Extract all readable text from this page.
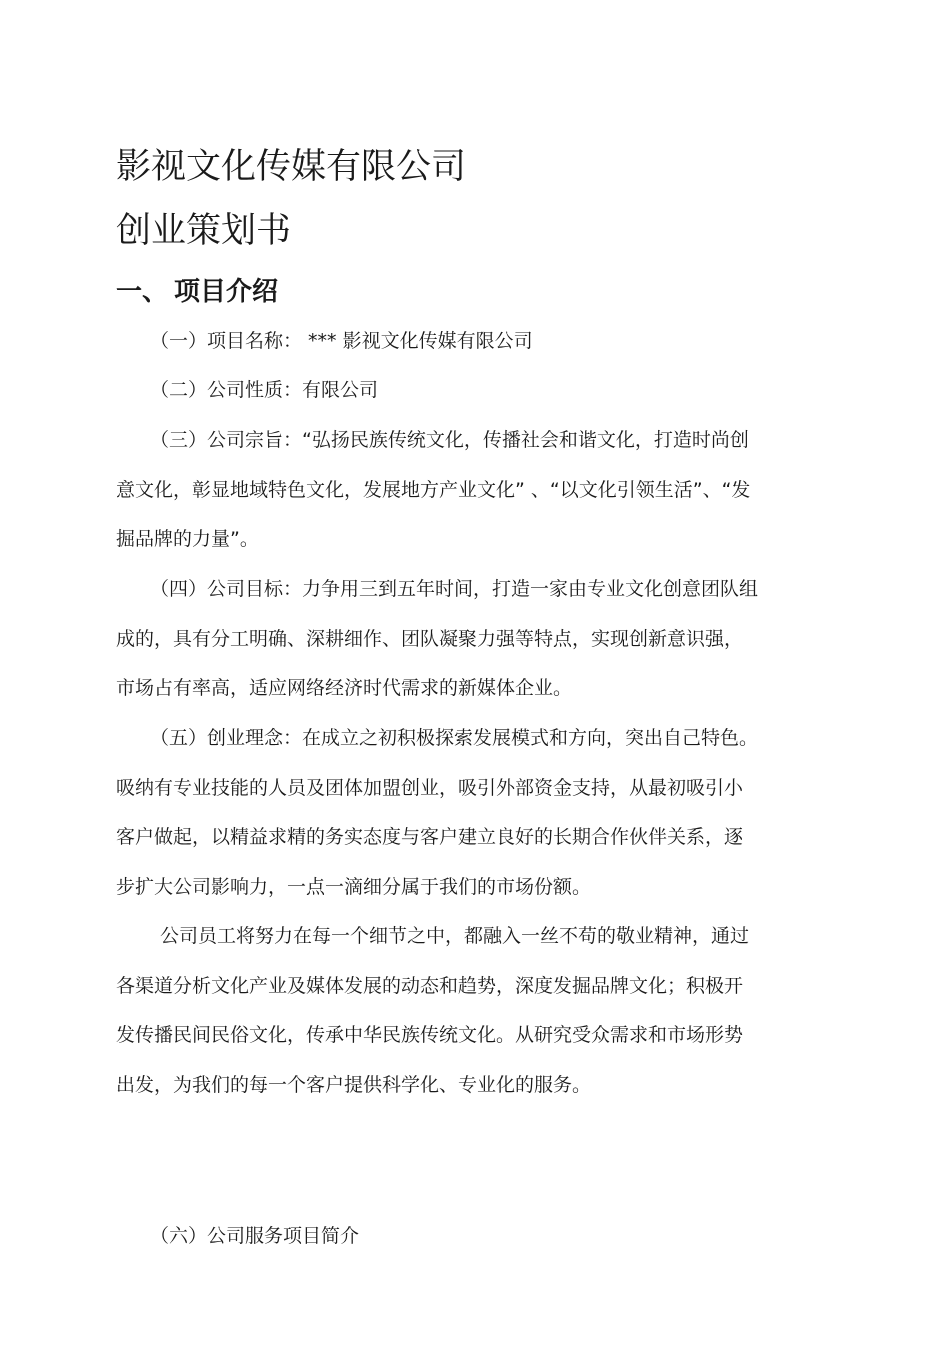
影视文化传媒有限公司
创业策划书
一、 项目介绍

（一）项目名称： *** 影视文化传媒有限公司

（二）公司性质：有限公司

（三）公司宗旨：“弘扬民族传统文化，传播社会和谐文化，打造时尚创

意文化，彰显地域特色文化，发展地方产业文化” 、“以文化引领生活”、“发

掘品牌的力量”。

（四）公司目标：力争用三到五年时间，打造一家由专业文化创意团队组

成的，具有分工明确、深耕细作、团队凝聚力强等特点，实现创新意识强，

市场占有率高，适应网络经济时代需求的新媒体企业。

（五）创业理念：在成立之初积极探索发展模式和方向，突出自己特色。

吸纳有专业技能的人员及团体加盟创业，吸引外部资金支持，从最初吸引小

客户做起，以精益求精的务实态度与客户建立良好的长期合作伙伴关系，逐

步扩大公司影响力，一点一滴细分属于我们的市场份额。

公司员工将努力在每一个细节之中，都融入一丝不苟的敬业精神，通过

各渠道分析文化产业及媒体发展的动态和趋势，深度发掘品牌文化；积极开

发传播民间民俗文化，传承中华民族传统文化。从研究受众需求和市场形势

出发，为我们的每一个客户提供科学化、专业化的服务。

（六）公司服务项目简介
